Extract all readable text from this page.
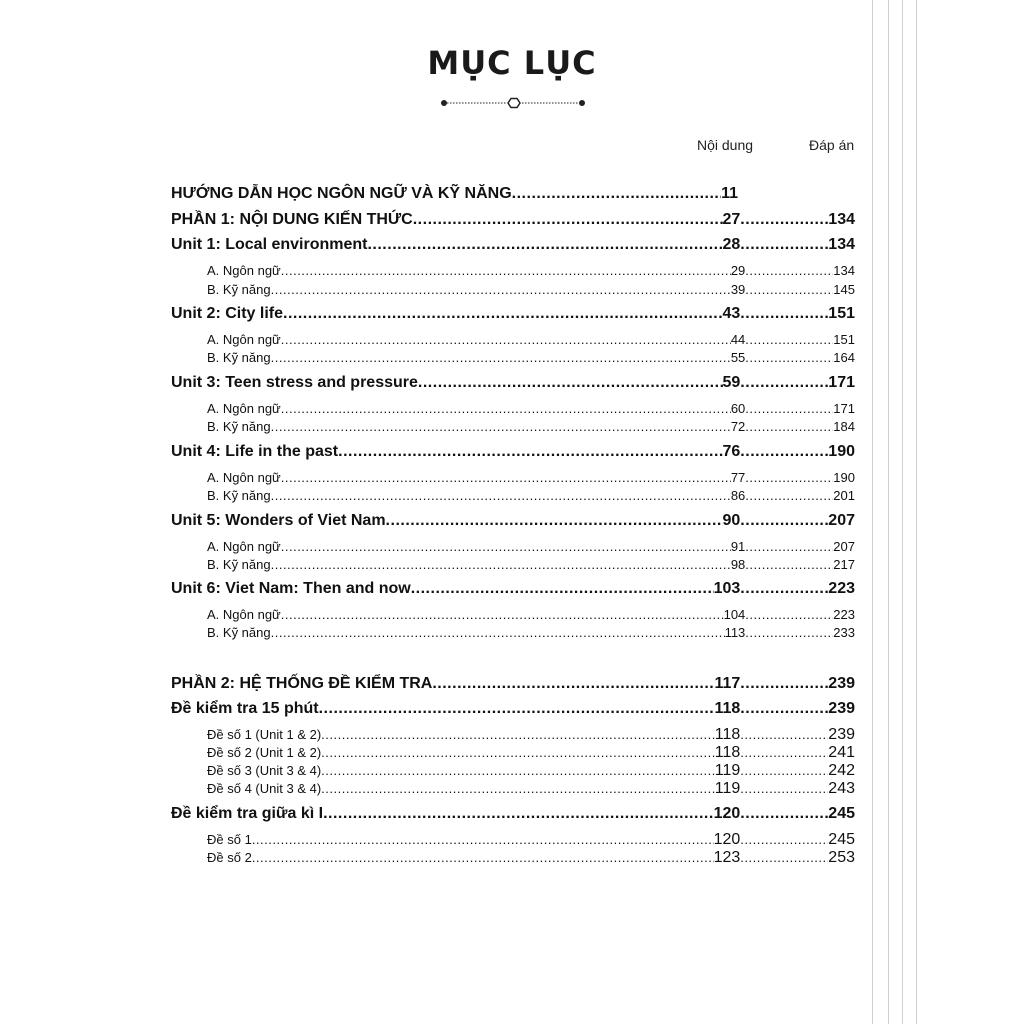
MỤC LỤC
Nội dung	Đáp án
HƯỚNG DẪN HỌC NGÔN NGỮ VÀ KỸ NĂNG .....	11
PHẦN 1: NỘI DUNG KIẾN THỨC .....	27 .....	134
Unit 1: Local environment .....	28 .....	134
A. Ngôn ngữ .....	29 .....	134
B. Kỹ năng .....	39 .....	145
Unit 2: City life .....	43 .....	151
A. Ngôn ngữ .....	44 .....	151
B. Kỹ năng .....	55 .....	164
Unit 3: Teen stress and pressure .....	59 .....	171
A. Ngôn ngữ .....	60 .....	171
B. Kỹ năng .....	72 .....	184
Unit 4: Life in the past .....	76 .....	190
A. Ngôn ngữ .....	77 .....	190
B. Kỹ năng .....	86 .....	201
Unit 5: Wonders of Viet Nam .....	90 .....	207
A. Ngôn ngữ .....	91 .....	207
B. Kỹ năng .....	98 .....	217
Unit 6: Viet Nam: Then and now .....	103 .....	223
A. Ngôn ngữ .....	104 .....	223
B. Kỹ năng .....	113 .....	233
PHẦN 2: HỆ THỐNG ĐỀ KIỂM TRA .....	117 .....	239
Đề kiểm tra 15 phút .....	118 .....	239
Đề số 1 (Unit 1 & 2) .....	118 .....	239
Đề số 2 (Unit 1 & 2) .....	118 .....	241
Đề số 3 (Unit 3 & 4) .....	119 .....	242
Đề số 4 (Unit 3 & 4) .....	119 .....	243
Đề kiểm tra giữa kì I .....	120 .....	245
Đề số 1 .....	120 .....	245
Đề số 2 .....	123 .....	253
